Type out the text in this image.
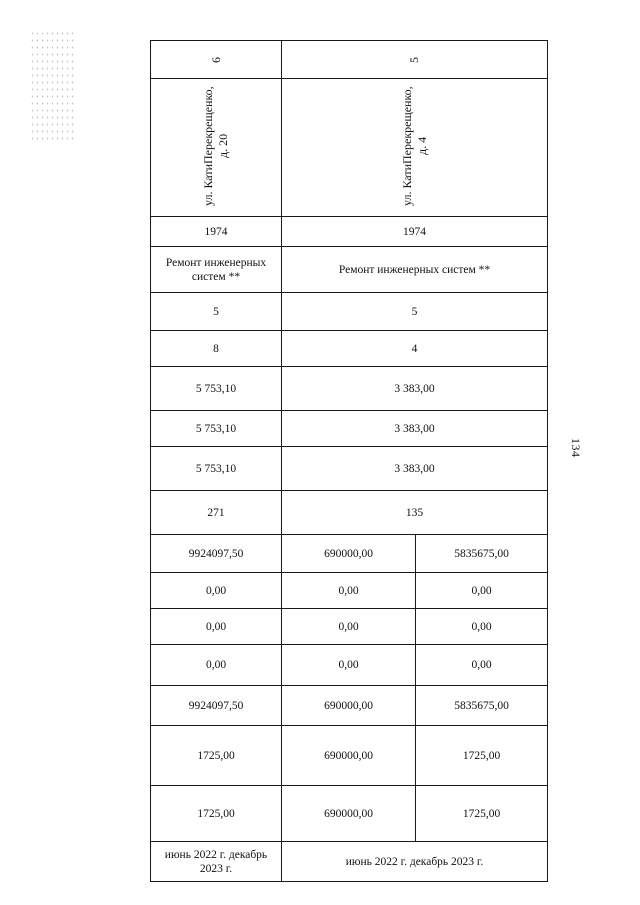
134
6	5	
ул. КатиПерекрещенко, д. 20	ул. КатиПерекрещенко, д. 4	
1974	1974	
Ремонт инженерных систем **	Ремонт инженерных систем **	
5	5	
8	4	
5 753,10	3 383,00	
5 753,10	3 383,00	
5 753,10	3 383,00	
271	135	
9924097,50	690000,00	5835675,00
0,00	0,00	0,00
0,00	0,00	0,00
0,00	0,00	0,00
9924097,50	690000,00	5835675,00
1725,00	690000,00	1725,00
1725,00	690000,00	1725,00
июнь 2022 г. декабрь 2023 г.	июнь 2022 г. декабрь 2023 г.	
